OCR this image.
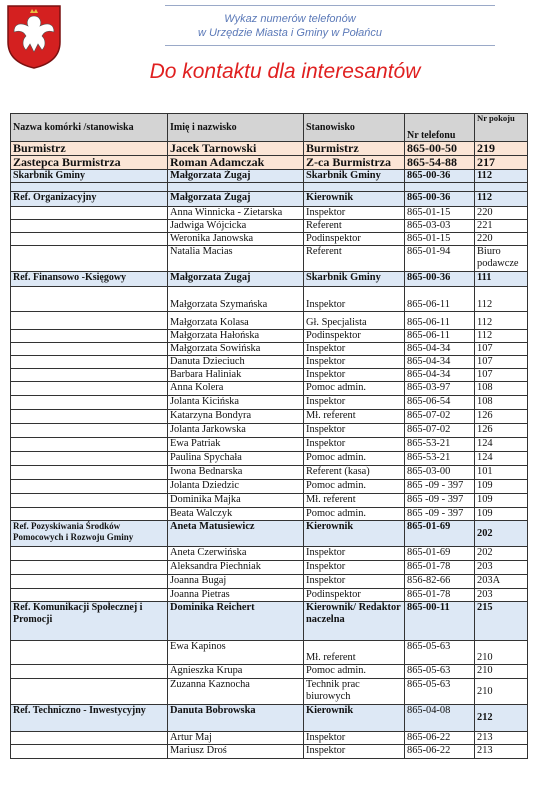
Wykaz numerów telefonów
w Urzędzie Miasta i Gminy w Połańcu
Do kontaktu dla interesantów
Nazwa komórki /stanowiska	Imię i nazwisko	Stanowisko	Nr telefonu	Nr pokoju
Burmistrz	Jacek Tarnowski	Burmistrz	865-00-50	219
Zastepca Burmistrza	Roman Adamczak	Z-ca Burmistrza	865-54-88	217
Skarbnik Gminy	Małgorzata Żugaj	Skarbnik Gminy	865-00-36	112

Ref. Organizacyjny	Małgorzata Żugaj	Kierownik	865-00-36	112
	Anna Winnicka - Zietarska	Inspektor	865-01-15	220
	Jadwiga Wójcicka	Referent	865-03-03	221
	Weronika Janowska	Podinspektor	865-01-15	220
	Natalia Macias	Referent	865-01-94	Biuro podawcze
Ref. Finansowo -Księgowy	Małgorzata Żugaj	Skarbnik Gminy	865-00-36	111
	Małgorzata Szymańska	Inspektor	865-06-11	112
	Małgorzata Kolasa	Gł. Specjalista	865-06-11	112
	Małgorzata Hałońska	Podinspektor	865-06-11	112
	Małgorzata Sowińska	Inspektor	865-04-34	107
	Danuta Dzieciuch	Inspektor	865-04-34	107
	Barbara Haliniak	Inspektor	865-04-34	107
	Anna Kolera	Pomoc admin.	865-03-97	108
	Jolanta Kicińska	Inspektor	865-06-54	108
	Katarzyna Bondyra	Mł. referent	865-07-02	126
	Jolanta Jarkowska	Inspektor	865-07-02	126
	Ewa Patriak	Inspektor	865-53-21	124
	Paulina Spychała	Pomoc admin.	865-53-21	124
	Iwona Bednarska	Referent (kasa)	865-03-00	101
	Jolanta Dziedzic	Pomoc admin.	865 -09 - 397	109
	Dominika Majka	Mł. referent	865 -09 - 397	109
	Beata Walczyk	Pomoc admin.	865 -09 - 397	109
Ref. Pozyskiwania Środków Pomocowych i Rozwoju Gminy	Aneta Matusiewicz	Kierownik	865-01-69	202
	Aneta Czerwińska	Inspektor	865-01-69	202
	Aleksandra Piechniak	Inspektor	865-01-78	203
	Joanna Bugaj	Inspektor	856-82-66	203A
	Joanna Pietras	Podinspektor	865-01-78	203
Ref. Komunikacji Społecznej i Promocji	Dominika Reichert	Kierownik/ Redaktor naczelna	865-00-11	215
	Ewa Kapinos	Mł. referent	865-05-63	210
	Agnieszka Krupa	Pomoc admin.	865-05-63	210
	Zuzanna Kaznocha	Technik prac biurowych	865-05-63	210
Ref. Techniczno - Inwestycyjny	Danuta Bobrowska	Kierownik	865-04-08	212
	Artur Maj	Inspektor	865-06-22	213
	Mariusz Droś	Inspektor	865-06-22	213
